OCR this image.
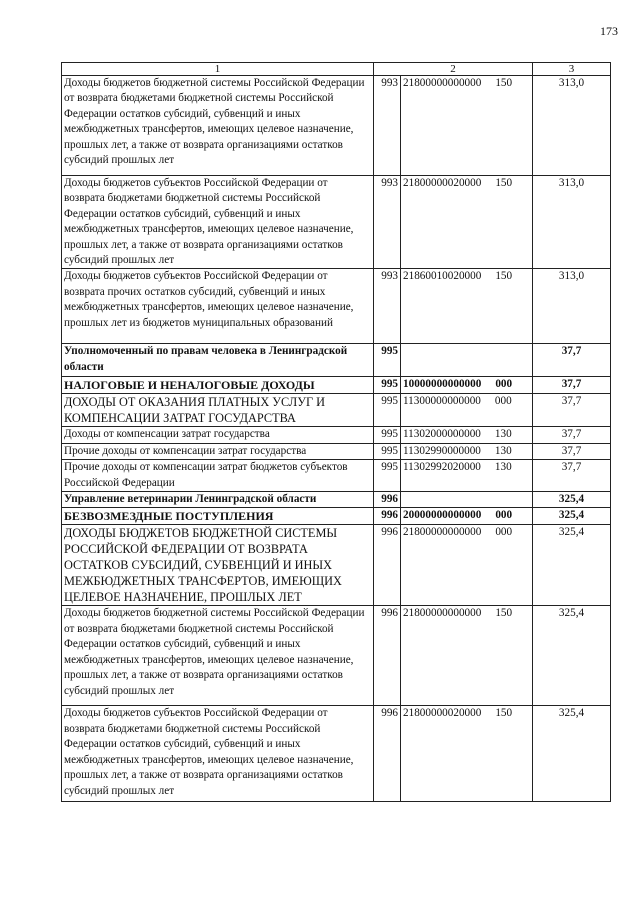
173
1	2		3
Доходы бюджетов бюджетной системы Российской Федерации от возврата бюджетами бюджетной системы Российской Федерации остатков субсидий, субвенций и иных межбюджетных трансфертов, имеющих целевое назначение, прошлых лет, а также от возврата организациями остатков субсидий прошлых лет	993	21800000000000 150	313,0
Доходы бюджетов субъектов Российской Федерации от возврата бюджетами бюджетной системы Российской Федерации остатков субсидий, субвенций и иных межбюджетных трансфертов, имеющих целевое назначение, прошлых лет, а также от возврата организациями остатков субсидий прошлых лет	993	21800000020000 150	313,0
Доходы бюджетов субъектов Российской Федерации от возврата прочих остатков субсидий, субвенций и иных межбюджетных трансфертов, имеющих целевое назначение, прошлых лет из бюджетов муниципальных образований	993	21860010020000 150	313,0
Уполномоченный по правам человека в Ленинградской области	995		37,7
НАЛОГОВЫЕ И НЕНАЛОГОВЫЕ ДОХОДЫ	995	10000000000000 000	37,7
ДОХОДЫ ОТ ОКАЗАНИЯ ПЛАТНЫХ УСЛУГ И КОМПЕНСАЦИИ ЗАТРАТ ГОСУДАРСТВА	995	11300000000000 000	37,7
Доходы от компенсации затрат государства	995	11302000000000 130	37,7
Прочие доходы от компенсации затрат государства	995	11302990000000 130	37,7
Прочие доходы от компенсации затрат бюджетов субъектов Российской Федерации	995	11302992020000 130	37,7
Управление ветеринарии Ленинградской области	996		325,4
БЕЗВОЗМЕЗДНЫЕ ПОСТУПЛЕНИЯ	996	20000000000000 000	325,4
ДОХОДЫ БЮДЖЕТОВ БЮДЖЕТНОЙ СИСТЕМЫ РОССИЙСКОЙ ФЕДЕРАЦИИ ОТ ВОЗВРАТА ОСТАТКОВ СУБСИДИЙ, СУБВЕНЦИЙ И ИНЫХ МЕЖБЮДЖЕТНЫХ ТРАНСФЕРТОВ, ИМЕЮЩИХ ЦЕЛЕВОЕ НАЗНАЧЕНИЕ, ПРОШЛЫХ ЛЕТ	996	21800000000000 000	325,4
Доходы бюджетов бюджетной системы Российской Федерации от возврата бюджетами бюджетной системы Российской Федерации остатков субсидий, субвенций и иных межбюджетных трансфертов, имеющих целевое назначение, прошлых лет, а также от возврата организациями остатков субсидий прошлых лет	996	21800000000000 150	325,4
Доходы бюджетов субъектов Российской Федерации от возврата бюджетами бюджетной системы Российской Федерации остатков субсидий, субвенций и иных межбюджетных трансфертов, имеющих целевое назначение, прошлых лет, а также от возврата организациями остатков субсидий прошлых лет	996	21800000020000 150	325,4
